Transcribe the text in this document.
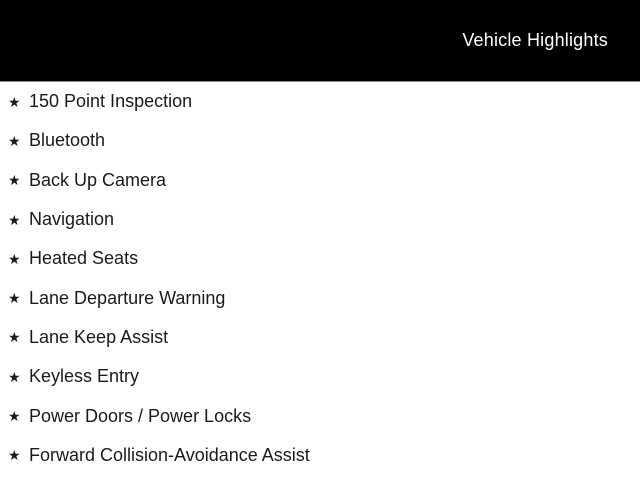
Vehicle Highlights
★ 150 Point Inspection
★ Bluetooth
★ Back Up Camera
★ Navigation
★ Heated Seats
★ Lane Departure Warning
★ Lane Keep Assist
★ Keyless Entry
★ Power Doors / Power Locks
★ Forward Collision-Avoidance Assist
